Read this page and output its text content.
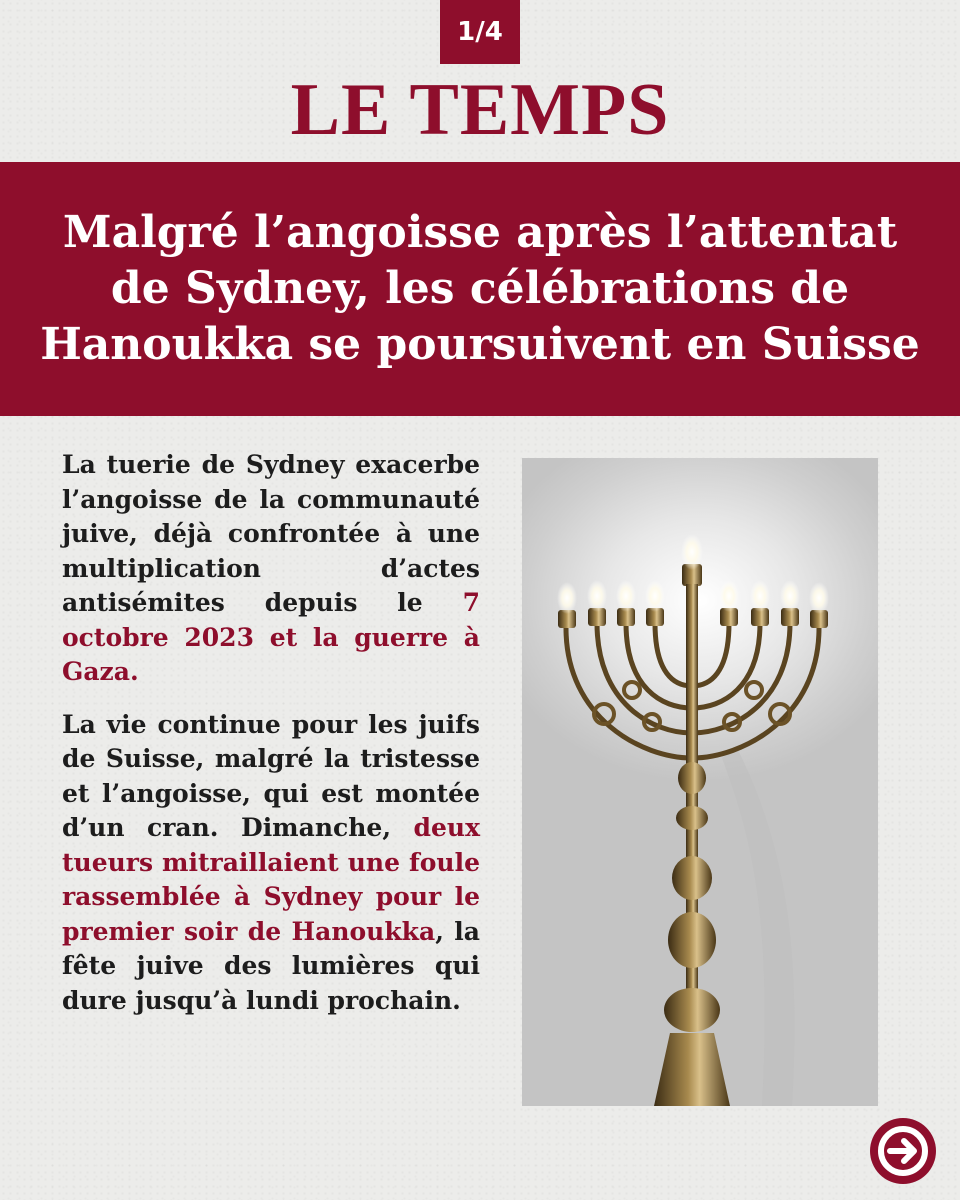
1/4
LE TEMPS
Malgré l’angoisse après l’attentat de Sydney, les célébrations de Hanoukka se poursuivent en Suisse

La tuerie de Sydney exacerbe l’angoisse de la communauté juive, déjà confrontée à une multiplication d’actes antisémites depuis le 7 octobre 2023 et la guerre à Gaza.

La vie continue pour les juifs de Suisse, malgré la tristesse et l’angoisse, qui est montée d’un cran. Dimanche, deux tueurs mitraillaient une foule rassemblée à Sydney pour le premier soir de Hanoukka, la fête juive des lumières qui dure jusqu’à lundi prochain.
